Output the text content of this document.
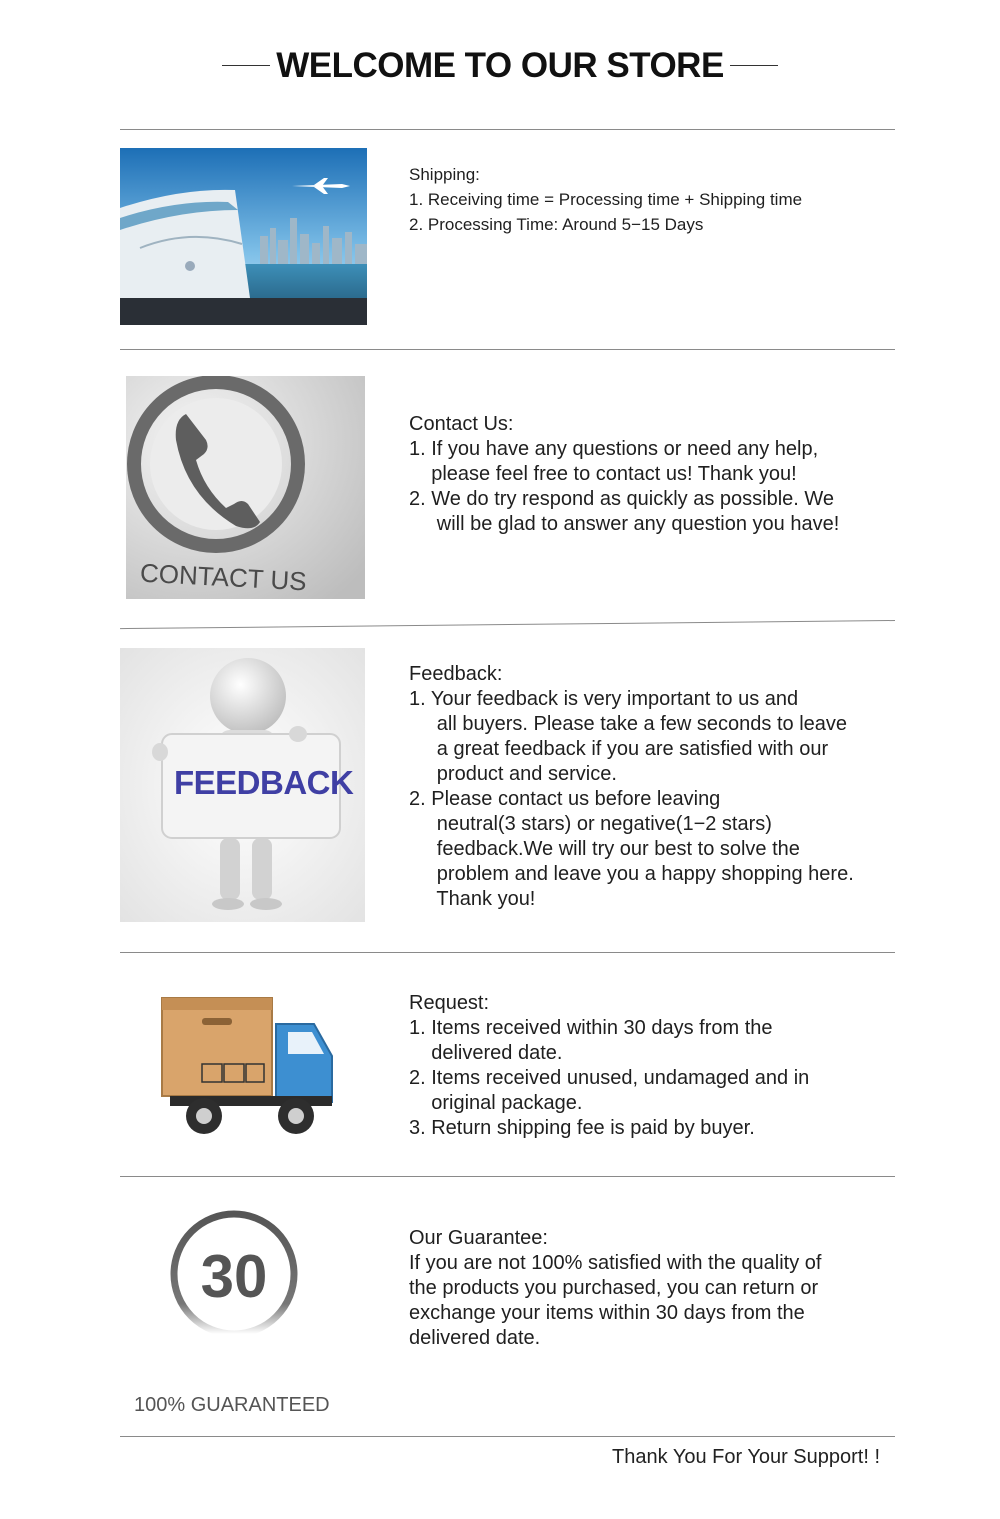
WELCOME TO OUR STORE

Shipping:

1. Receiving time = Processing time + Shipping time

2. Processing Time: Around 5−15 Days

CONTACT US

Contact Us:

1. If you have any questions or need any help,

please feel free to contact us! Thank you!

2. We do try respond as quickly as possible. We

will be glad to answer any question you have!

FEEDBACK

Feedback:

1. Your feedback is very important to us and

all buyers. Please take a few seconds to leave

a great feedback if you are satisfied with our

product and service.

2. Please contact us before leaving

neutral(3 stars) or negative(1−2 stars)

feedback.We will try our best to solve the

problem and leave you a happy shopping here.

Thank you!

Request:

1. Items received within 30 days from the

delivered date.

2. Items received unused, undamaged and in

original package.

3. Return shipping fee is paid by buyer.

30
100% GUARANTEED

Our Guarantee:

If you are not 100% satisfied with the quality of

the products you purchased, you can return or

exchange your items within 30 days from the

delivered date.

Thank You For Your Support! !
